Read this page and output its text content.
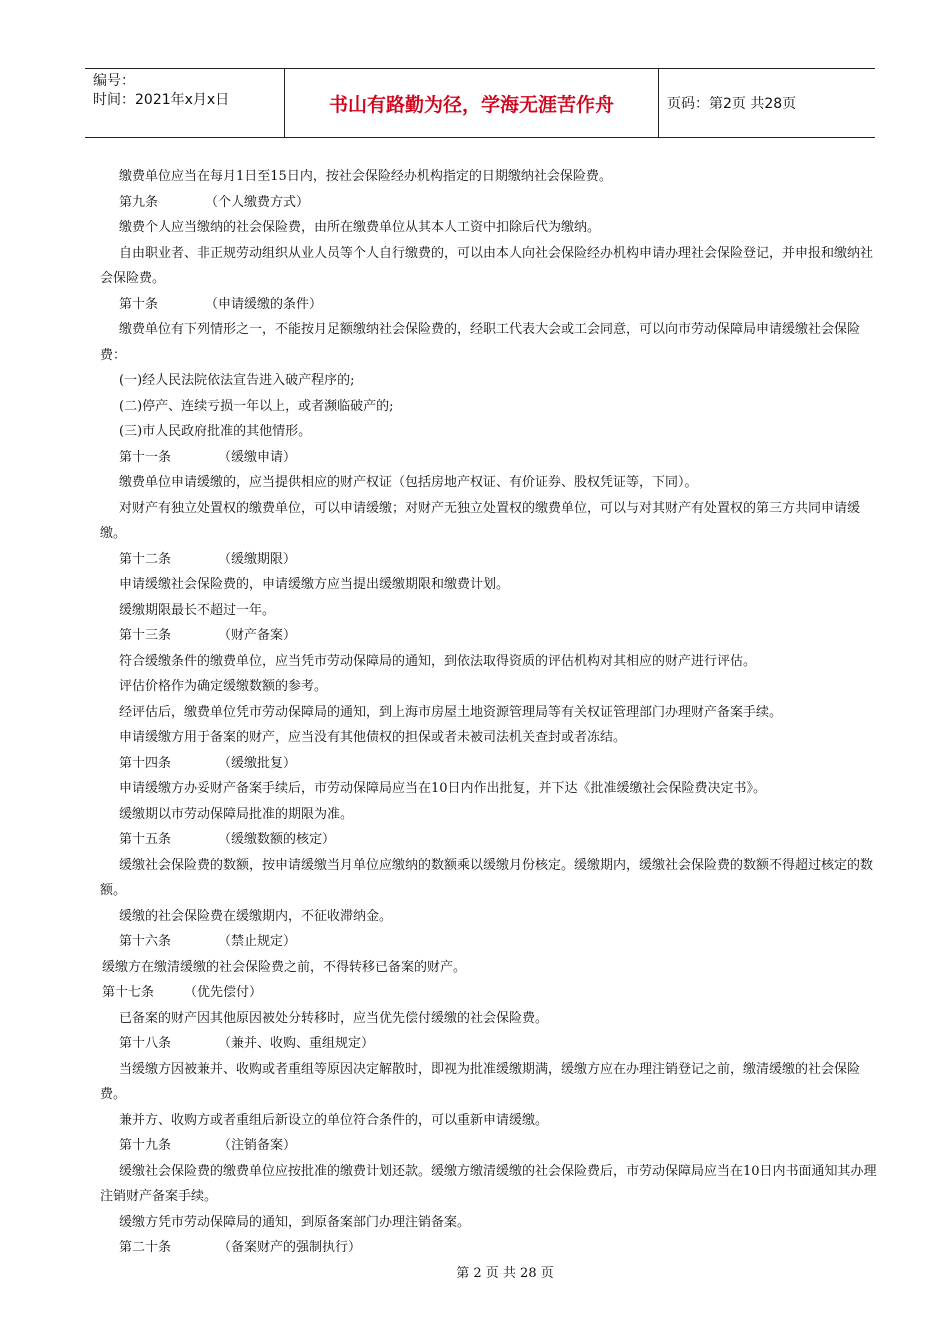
编号：
时间：2021年x月x日	书山有路勤为径，学海无涯苦作舟	页码：第2页 共28页

缴费单位应当在每月1日至15日内，按社会保险经办机构指定的日期缴纳社会保险费。

第九条	（个人缴费方式）

缴费个人应当缴纳的社会保险费，由所在缴费单位从其本人工资中扣除后代为缴纳。

自由职业者、非正规劳动组织从业人员等个人自行缴费的，可以由本人向社会保险经办机构申请办理社会保险登记，并申报和缴纳社会保险费。

第十条	（申请缓缴的条件）

缴费单位有下列情形之一，不能按月足额缴纳社会保险费的，经职工代表大会或工会同意，可以向市劳动保障局申请缓缴社会保险费：

(一)经人民法院依法宣告进入破产程序的;

(二)停产、连续亏损一年以上，或者濒临破产的;

(三)市人民政府批准的其他情形。

第十一条	（缓缴申请）

缴费单位申请缓缴的，应当提供相应的财产权证（包括房地产权证、有价证券、股权凭证等，下同）。

对财产有独立处置权的缴费单位，可以申请缓缴；对财产无独立处置权的缴费单位，可以与对其财产有处置权的第三方共同申请缓缴。

第十二条	（缓缴期限）

申请缓缴社会保险费的，申请缓缴方应当提出缓缴期限和缴费计划。

缓缴期限最长不超过一年。

第十三条	（财产备案）

符合缓缴条件的缴费单位，应当凭市劳动保障局的通知，到依法取得资质的评估机构对其相应的财产进行评估。

评估价格作为确定缓缴数额的参考。

经评估后，缴费单位凭市劳动保障局的通知，到上海市房屋土地资源管理局等有关权证管理部门办理财产备案手续。

申请缓缴方用于备案的财产，应当没有其他债权的担保或者未被司法机关查封或者冻结。

第十四条	（缓缴批复）

申请缓缴方办妥财产备案手续后，市劳动保障局应当在10日内作出批复，并下达《批准缓缴社会保险费决定书》。

缓缴期以市劳动保障局批准的期限为准。

第十五条	（缓缴数额的核定）

缓缴社会保险费的数额，按申请缓缴当月单位应缴纳的数额乘以缓缴月份核定。缓缴期内，缓缴社会保险费的数额不得超过核定的数额。

缓缴的社会保险费在缓缴期内，不征收滞纳金。

第十六条	（禁止规定）

缓缴方在缴清缓缴的社会保险费之前，不得转移已备案的财产。

第十七条 （优先偿付）

已备案的财产因其他原因被处分转移时，应当优先偿付缓缴的社会保险费。

第十八条	（兼并、收购、重组规定）

当缓缴方因被兼并、收购或者重组等原因决定解散时，即视为批准缓缴期满，缓缴方应在办理注销登记之前，缴清缓缴的社会保险费。

兼并方、收购方或者重组后新设立的单位符合条件的，可以重新申请缓缴。

第十九条	（注销备案）

缓缴社会保险费的缴费单位应按批准的缴费计划还款。缓缴方缴清缓缴的社会保险费后，市劳动保障局应当在10日内书面通知其办理注销财产备案手续。

缓缴方凭市劳动保障局的通知，到原备案部门办理注销备案。

第二十条	（备案财产的强制执行）

第 2 页 共 28 页
